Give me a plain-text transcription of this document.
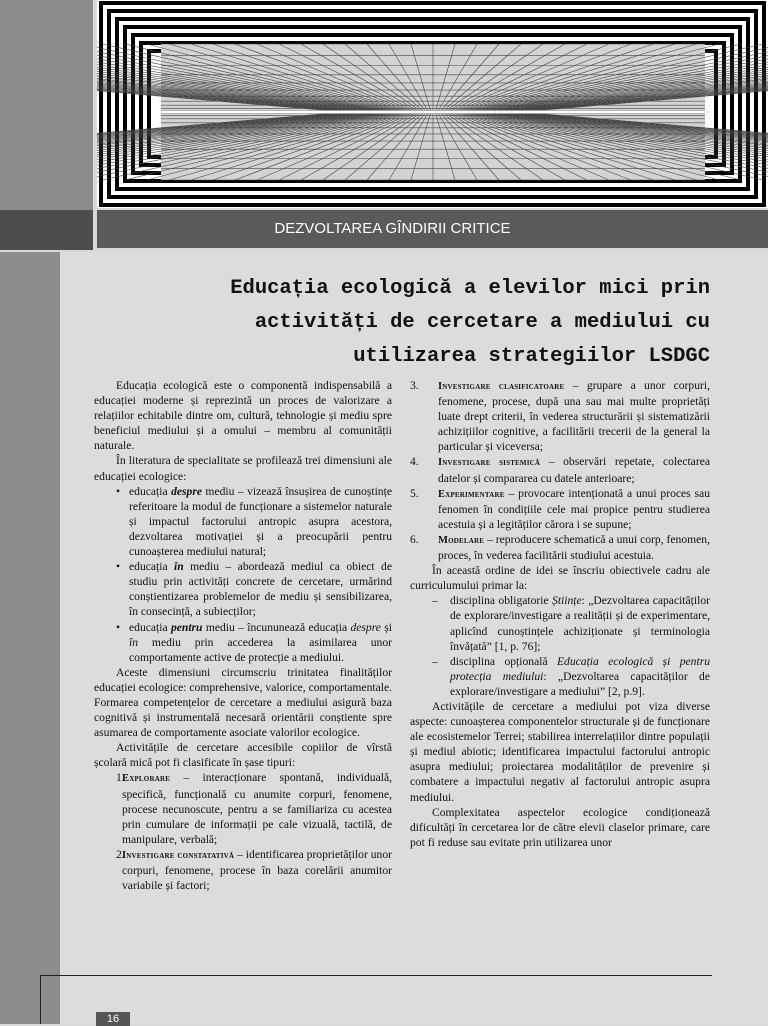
DEZVOLTAREA GÎNDIRII CRITICE
Educația ecologică a elevilor mici prin
activități de cercetare a mediului cu
utilizarea strategiilor LSDGC

Educația ecologică este o componentă indispensabilă a educației moderne și reprezintă un proces de valorizare a relațiilor echitabile dintre om, cultură, tehnologie și mediu spre beneficiul mediului și a omului – membru al comunității naturale.

În literatura de specialitate se profilează trei dimensiuni ale educației ecologice:

• educația despre mediu – vizează însușirea de cunoștințe referitoare la modul de funcționare a sistemelor naturale și impactul factorului antropic asupra acestora, dezvoltarea motivației și a preocupării pentru cunoașterea mediului natural;
• educația în mediu – abordează mediul ca obiect de studiu prin activități concrete de cercetare, urmărind conștientizarea problemelor de mediu și sensibilizarea, în consecință, a subiecților;
• educația pentru mediu – încununează educația despre și în mediu prin accederea la asimilarea unor comportamente active de protecție a mediului.

Aceste dimensiuni circumscriu trinitatea finalităților educației ecologice: comprehensive, valorice, comportamentale. Formarea competențelor de cercetare a mediului asigură baza cognitivă și instrumentală necesară orientării conștiente spre asumarea de comportamente asociate valorilor ecologice.

Activitățile de cercetare accesibile copiilor de vîrstă școlară mică pot fi clasificate în șase tipuri:

1.
Explorare – interacționare spontană, individuală, specifică, funcțională cu anumite corpuri, fenomene, procese necunoscute, pentru a se familiariza cu acestea prin cumulare de informații pe cale vizuală, tactilă, de manipulare, verbală;
2.
Investigare constatativă – identificarea proprietăților unor corpuri, fenomene, procese în baza corelării anumitor variabile și factori;
3. Investigare clasificatoare – grupare a unor corpuri, fenomene, procese, după una sau mai multe proprietăți luate drept criterii, în vederea structurării și sistematizării achizițiilor cognitive, a facilitării trecerii de la general la particular și viceversa;
4. Investigare sistemică – observări repetate, colectarea datelor și compararea cu datele anterioare;
5. Experimentare – provocare intenționată a unui proces sau fenomen în condițiile cele mai propice pentru studierea acestuia și a legităților cărora i se supune;
6. Modelare – reproducere schematică a unui corp, fenomen, proces, în vederea facilitării studiului acestuia.

În această ordine de idei se înscriu obiectivele cadru ale curriculumului primar la:

– disciplina obligatorie Științe: „Dezvoltarea capacităților de explorare/investigare a realității și de experimentare, aplicînd cunoștințele achiziționate și terminologia învățată” [1, p. 76];
– disciplina opțională Educația ecologică și pentru protecția mediului: „Dezvoltarea capacităților de explorare/investigare a mediului” [2, p.9].

Activitățile de cercetare a mediului pot viza diverse aspecte: cunoașterea componentelor structurale și de funcționare ale ecosistemelor Terrei; stabilirea interrelațiilor dintre populații și mediul abiotic; identificarea impactului factorului antropic asupra mediului; proiectarea modalităților de prevenire și combatere a impactului negativ al factorului antropic asupra mediului.

Complexitatea aspectelor ecologice condiționează dificultăți în cercetarea lor de către elevii claselor primare, care pot fi reduse sau evitate prin utilizarea unor

16
